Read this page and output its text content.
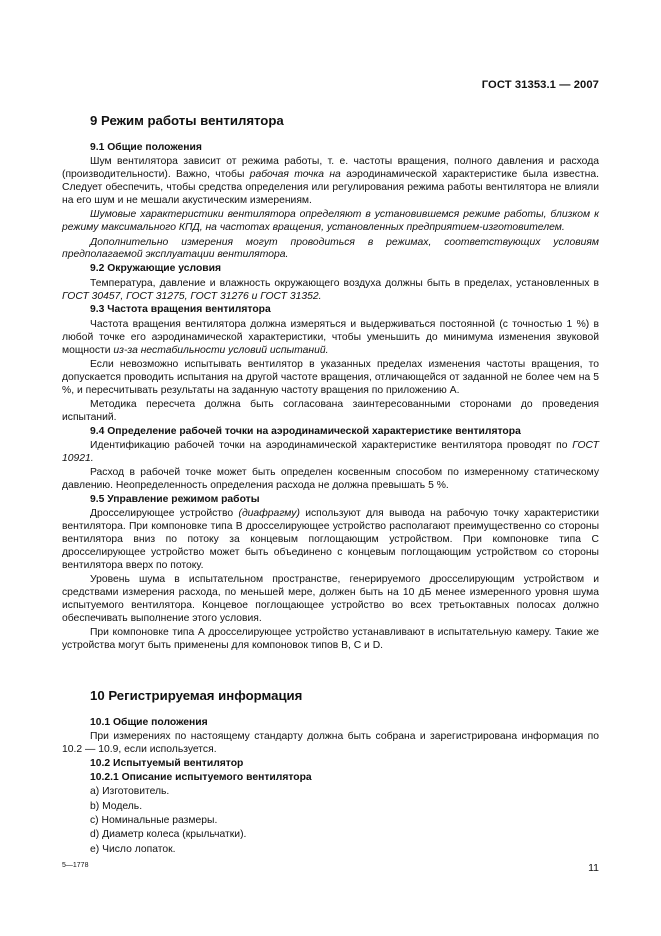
ГОСТ 31353.1 — 2007
9 Режим работы вентилятора

9.1 Общие положения

Шум вентилятора зависит от режима работы, т. е. частоты вращения, полного давления и расхода (производительности). Важно, чтобы рабочая точка на аэродинамической характеристике была известна. Следует обеспечить, чтобы средства определения или регулирования режима работы вентилятора не влияли на его шум и не мешали акустическим измерениям.

Шумовые характеристики вентилятора определяют в установившемся режиме работы, близком к режиму максимального КПД, на частотах вращения, установленных предприятием-изготовителем.

Дополнительно измерения могут проводиться в режимах, соответствующих условиям предполагаемой эксплуатации вентилятора.

9.2 Окружающие условия

Температура, давление и влажность окружающего воздуха должны быть в пределах, установленных в ГОСТ 30457, ГОСТ 31275, ГОСТ 31276 и ГОСТ 31352.

9.3 Частота вращения вентилятора

Частота вращения вентилятора должна измеряться и выдерживаться постоянной (с точностью 1 %) в любой точке его аэродинамической характеристики, чтобы уменьшить до минимума изменения звуковой мощности из-за нестабильности условий испытаний.

Если невозможно испытывать вентилятор в указанных пределах изменения частоты вращения, то допускается проводить испытания на другой частоте вращения, отличающейся от заданной не более чем на 5 %, и пересчитывать результаты на заданную частоту вращения по приложению А.

Методика пересчета должна быть согласована заинтересованными сторонами до проведения испытаний.

9.4 Определение рабочей точки на аэродинамической характеристике вентилятора

Идентификацию рабочей точки на аэродинамической характеристике вентилятора проводят по ГОСТ 10921.

Расход в рабочей точке может быть определен косвенным способом по измеренному статическому давлению. Неопределенность определения расхода не должна превышать 5 %.

9.5 Управление режимом работы

Дросселирующее устройство (диафрагму) используют для вывода на рабочую точку характеристики вентилятора. При компоновке типа В дросселирующее устройство располагают преимущественно со стороны вентилятора вниз по потоку за концевым поглощающим устройством. При компоновке типа С дросселирующее устройство может быть объединено с концевым поглощающим устройством со стороны вентилятора вверх по потоку.

Уровень шума в испытательном пространстве, генерируемого дросселирующим устройством и средствами измерения расхода, по меньшей мере, должен быть на 10 дБ менее измеренного уровня шума испытуемого вентилятора. Концевое поглощающее устройство во всех третьоктавных полосах должно обеспечивать выполнение этого условия.

При компоновке типа А дросселирующее устройство устанавливают в испытательную камеру. Такие же устройства могут быть применены для компоновок типов В, С и D.

10 Регистрируемая информация

10.1 Общие положения

При измерениях по настоящему стандарту должна быть собрана и зарегистрирована информация по 10.2 — 10.9, если используется.

10.2 Испытуемый вентилятор

10.2.1 Описание испытуемого вентилятора

а) Изготовитель.

b) Модель.

c) Номинальные размеры.

d) Диаметр колеса (крыльчатки).

e) Число лопаток.

5—1778	11
